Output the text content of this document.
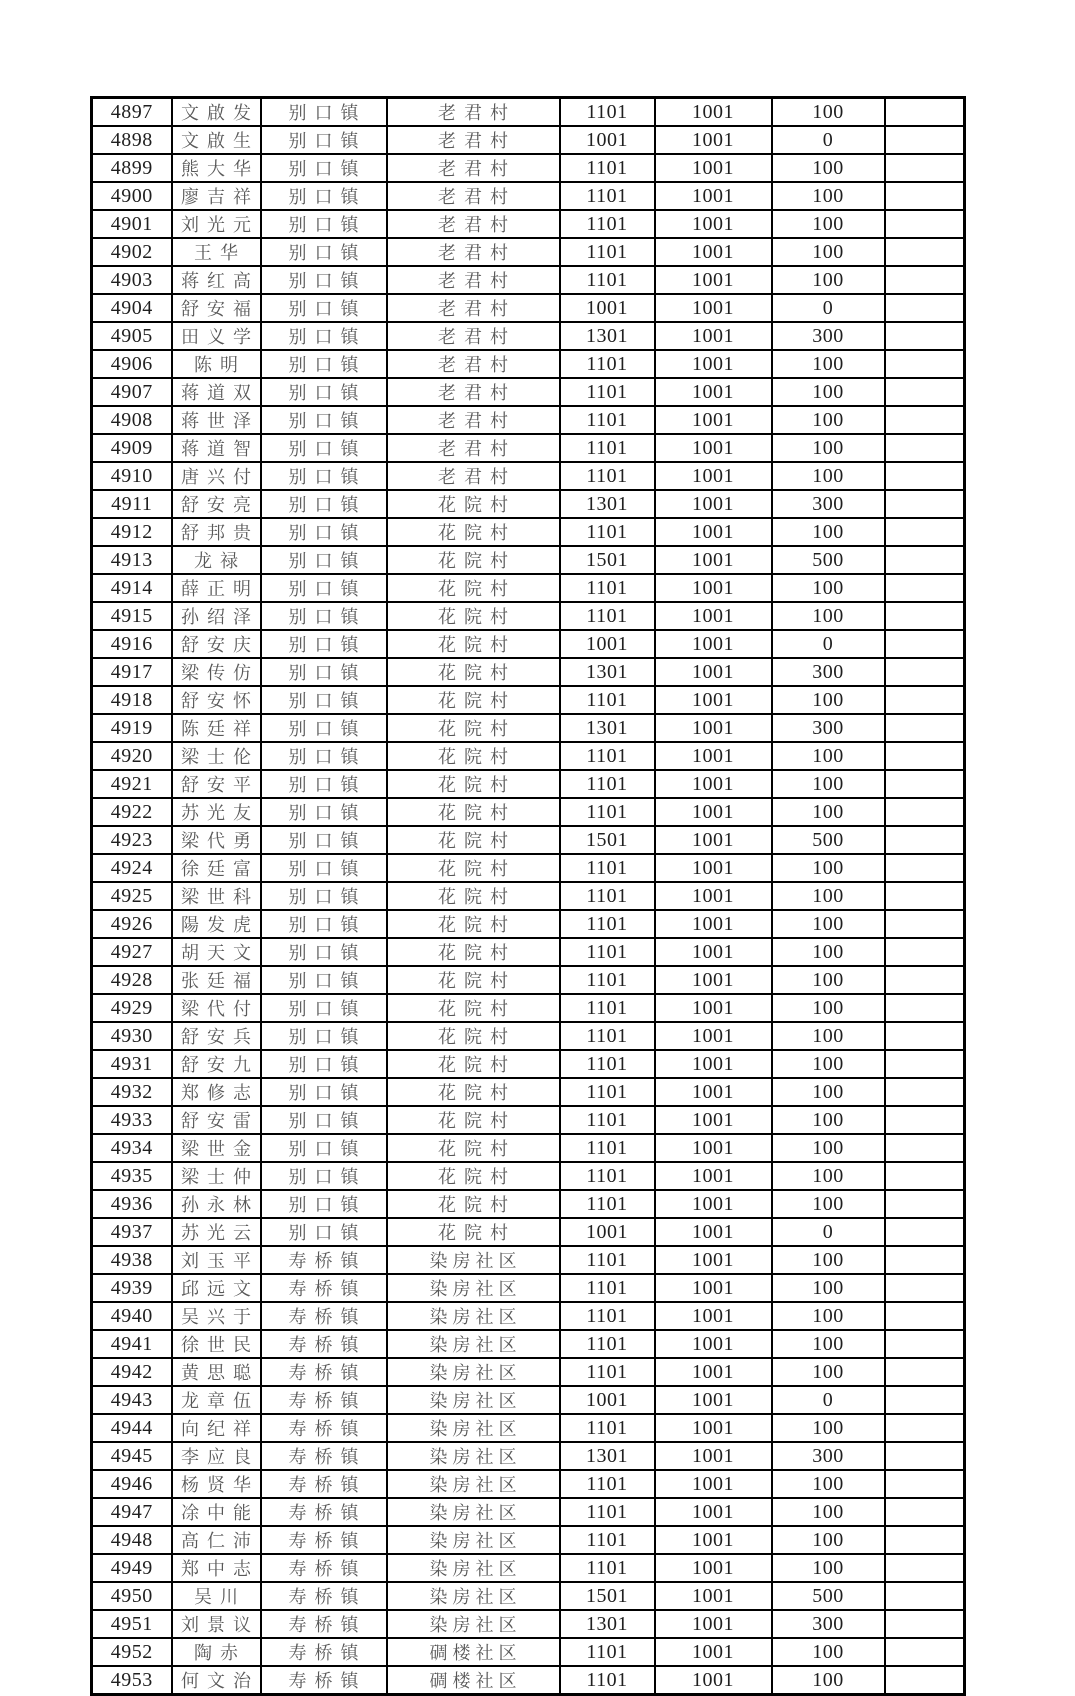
4897	文啟发	别口镇	老君村	1101	1001	100	
4898	文啟生	别口镇	老君村	1001	1001	0	
4899	熊大华	别口镇	老君村	1101	1001	100	
4900	廖吉祥	别口镇	老君村	1101	1001	100	
4901	刘光元	别口镇	老君村	1101	1001	100	
4902	王华	别口镇	老君村	1101	1001	100	
4903	蒋红高	别口镇	老君村	1101	1001	100	
4904	舒安福	别口镇	老君村	1001	1001	0	
4905	田义学	别口镇	老君村	1301	1001	300	
4906	陈明	别口镇	老君村	1101	1001	100	
4907	蒋道双	别口镇	老君村	1101	1001	100	
4908	蒋世泽	别口镇	老君村	1101	1001	100	
4909	蒋道智	别口镇	老君村	1101	1001	100	
4910	唐兴付	别口镇	老君村	1101	1001	100	
4911	舒安亮	别口镇	花院村	1301	1001	300	
4912	舒邦贵	别口镇	花院村	1101	1001	100	
4913	龙禄	别口镇	花院村	1501	1001	500	
4914	薛正明	别口镇	花院村	1101	1001	100	
4915	孙绍泽	别口镇	花院村	1101	1001	100	
4916	舒安庆	别口镇	花院村	1001	1001	0	
4917	梁传仿	别口镇	花院村	1301	1001	300	
4918	舒安怀	别口镇	花院村	1101	1001	100	
4919	陈廷祥	别口镇	花院村	1301	1001	300	
4920	梁士伦	别口镇	花院村	1101	1001	100	
4921	舒安平	别口镇	花院村	1101	1001	100	
4922	苏光友	别口镇	花院村	1101	1001	100	
4923	梁代勇	别口镇	花院村	1501	1001	500	
4924	徐廷富	别口镇	花院村	1101	1001	100	
4925	梁世科	别口镇	花院村	1101	1001	100	
4926	陽发虎	别口镇	花院村	1101	1001	100	
4927	胡天文	别口镇	花院村	1101	1001	100	
4928	张廷福	别口镇	花院村	1101	1001	100	
4929	梁代付	别口镇	花院村	1101	1001	100	
4930	舒安兵	别口镇	花院村	1101	1001	100	
4931	舒安九	别口镇	花院村	1101	1001	100	
4932	郑修志	别口镇	花院村	1101	1001	100	
4933	舒安雷	别口镇	花院村	1101	1001	100	
4934	梁世金	别口镇	花院村	1101	1001	100	
4935	梁士仲	别口镇	花院村	1101	1001	100	
4936	孙永林	别口镇	花院村	1101	1001	100	
4937	苏光云	别口镇	花院村	1001	1001	0	
4938	刘玉平	寿桥镇	染房社区	1101	1001	100	
4939	邱远文	寿桥镇	染房社区	1101	1001	100	
4940	吴兴于	寿桥镇	染房社区	1101	1001	100	
4941	徐世民	寿桥镇	染房社区	1101	1001	100	
4942	黄思聪	寿桥镇	染房社区	1101	1001	100	
4943	龙章伍	寿桥镇	染房社区	1001	1001	0	
4944	向纪祥	寿桥镇	染房社区	1101	1001	100	
4945	李应良	寿桥镇	染房社区	1301	1001	300	
4946	杨贤华	寿桥镇	染房社区	1101	1001	100	
4947	凃中能	寿桥镇	染房社区	1101	1001	100	
4948	高仁沛	寿桥镇	染房社区	1101	1001	100	
4949	郑中志	寿桥镇	染房社区	1101	1001	100	
4950	吴川	寿桥镇	染房社区	1501	1001	500	
4951	刘景议	寿桥镇	染房社区	1301	1001	300	
4952	陶赤	寿桥镇	碉楼社区	1101	1001	100	
4953	何文治	寿桥镇	碉楼社区	1101	1001	100	
